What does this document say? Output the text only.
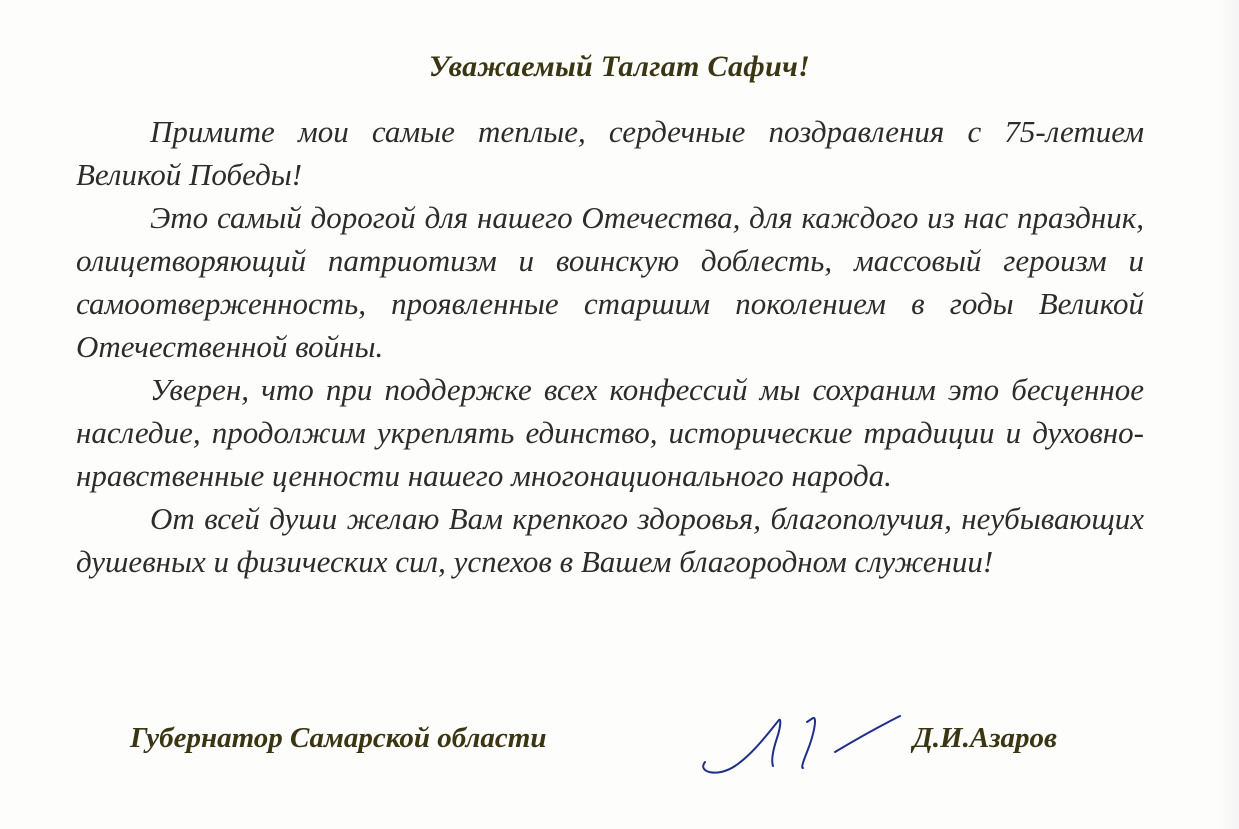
Уважаемый Талгат Сафич!

Примите мои самые теплые, сердечные поздравления с 75-летием Великой Победы!

Это самый дорогой для нашего Отечества, для каждого из нас праздник, олицетворяющий патриотизм и воинскую доблесть, массовый героизм и самоотверженность, проявленные старшим поколением в годы Великой Отечественной войны.

Уверен, что при поддержке всех конфессий мы сохраним это бесценное наследие, продолжим укреплять единство, исторические традиции и духовно-нравственные ценности нашего многонационального народа.

От всей души желаю Вам крепкого здоровья, благополучия, неубывающих душевных и физических сил, успехов в Вашем благородном служении!

Губернатор Самарской области	Д.И.Азаров
